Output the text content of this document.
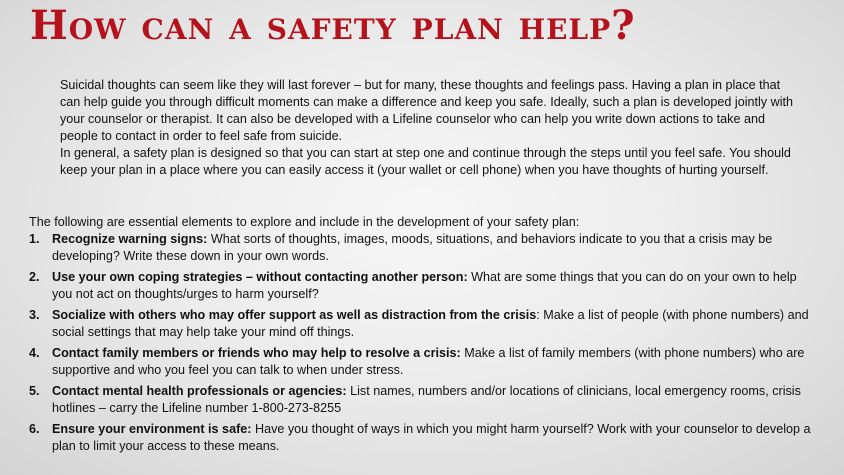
How can a safety plan help?

Suicidal thoughts can seem like they will last forever – but for many, these thoughts and feelings pass. Having a plan in place that can help guide you through difficult moments can make a difference and keep you safe. Ideally, such a plan is developed jointly with your counselor or therapist. It can also be developed with a Lifeline counselor who can help you write down actions to take and people to contact in order to feel safe from suicide.

In general, a safety plan is designed so that you can start at step one and continue through the steps until you feel safe. You should keep your plan in a place where you can easily access it (your wallet or cell phone) when you have thoughts of hurting yourself.

The following are essential elements to explore and include in the development of your safety plan:
1. Recognize warning signs: What sorts of thoughts, images, moods, situations, and behaviors indicate to you that a crisis may be developing? Write these down in your own words.
2. Use your own coping strategies – without contacting another person: What are some things that you can do on your own to help you not act on thoughts/urges to harm yourself?
3. Socialize with others who may offer support as well as distraction from the crisis: Make a list of people (with phone numbers) and social settings that may help take your mind off things.
4. Contact family members or friends who may help to resolve a crisis: Make a list of family members (with phone numbers) who are supportive and who you feel you can talk to when under stress.
5. Contact mental health professionals or agencies: List names, numbers and/or locations of clinicians, local emergency rooms, crisis hotlines – carry the Lifeline number 1-800-273-8255
6. Ensure your environment is safe: Have you thought of ways in which you might harm yourself? Work with your counselor to develop a plan to limit your access to these means.
